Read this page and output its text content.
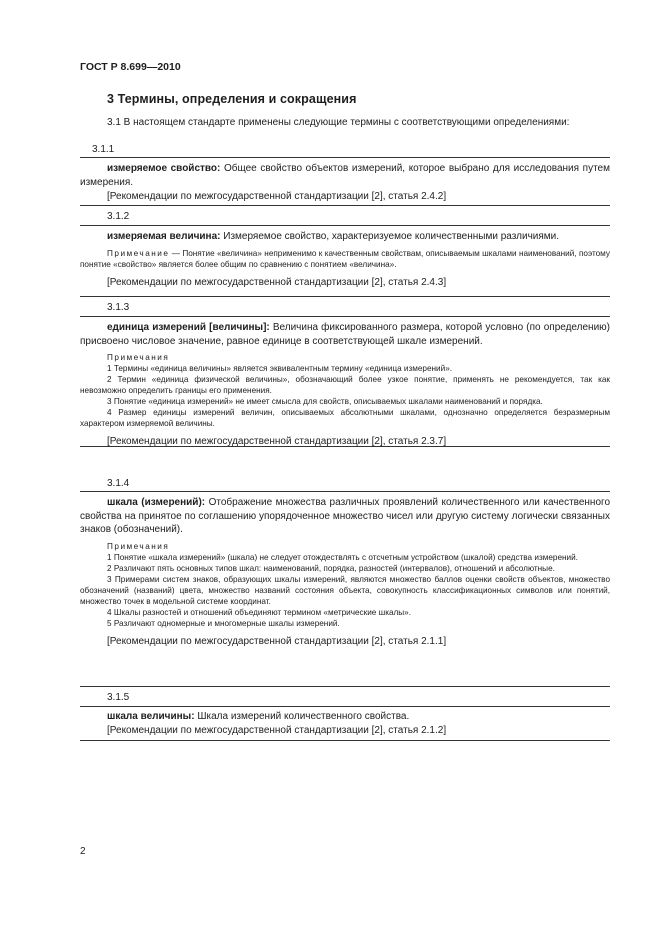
ГОСТ Р 8.699—2010
3 Термины, определения и сокращения
3.1 В настоящем стандарте применены следующие термины с соответствующими определениями:
3.1.1
измеряемое свойство: Общее свойство объектов измерений, которое выбрано для исследования путем измерения.
[Рекомендации по межгосударственной стандартизации [2], статья 2.4.2]
3.1.2
измеряемая величина: Измеряемое свойство, характеризуемое количественными различиями.
Примечание — Понятие «величина» неприменимо к качественным свойствам, описываемым шкалами наименований, поэтому понятие «свойство» является более общим по сравнению с понятием «величина».
[Рекомендации по межгосударственной стандартизации [2], статья 2.4.3]
3.1.3
единица измерений [величины]: Величина фиксированного размера, которой условно (по определению) присвоено числовое значение, равное единице в соответствующей шкале измерений.
Примечания
1 Термины «единица величины» является эквивалентным термину «единица измерений».
2 Термин «единица физической величины», обозначающий более узкое понятие, применять не рекомендуется, так как невозможно определить границы его применения.
3 Понятие «единица измерений» не имеет смысла для свойств, описываемых шкалами наименований и порядка.
4 Размер единицы измерений величин, описываемых абсолютными шкалами, однозначно определяется безразмерным характером измеряемой величины.
[Рекомендации по межгосударственной стандартизации [2], статья 2.3.7]
3.1.4
шкала (измерений): Отображение множества различных проявлений количественного или качественного свойства на принятое по соглашению упорядоченное множество чисел или другую систему логически связанных знаков (обозначений).
Примечания
1 Понятие «шкала измерений» (шкала) не следует отождествлять с отсчетным устройством (шкалой) средства измерений.
2 Различают пять основных типов шкал: наименований, порядка, разностей (интервалов), отношений и абсолютные.
3 Примерами систем знаков, образующих шкалы измерений, являются множество баллов оценки свойств объектов, множество обозначений (названий) цвета, множество названий состояния объекта, совокупность классификационных символов или понятий, множество точек в модельной системе координат.
4 Шкалы разностей и отношений объединяют термином «метрические шкалы».
5 Различают одномерные и многомерные шкалы измерений.
[Рекомендации по межгосударственной стандартизации [2], статья 2.1.1]
3.1.5
шкала величины: Шкала измерений количественного свойства.
[Рекомендации по межгосударственной стандартизации [2], статья 2.1.2]
2
